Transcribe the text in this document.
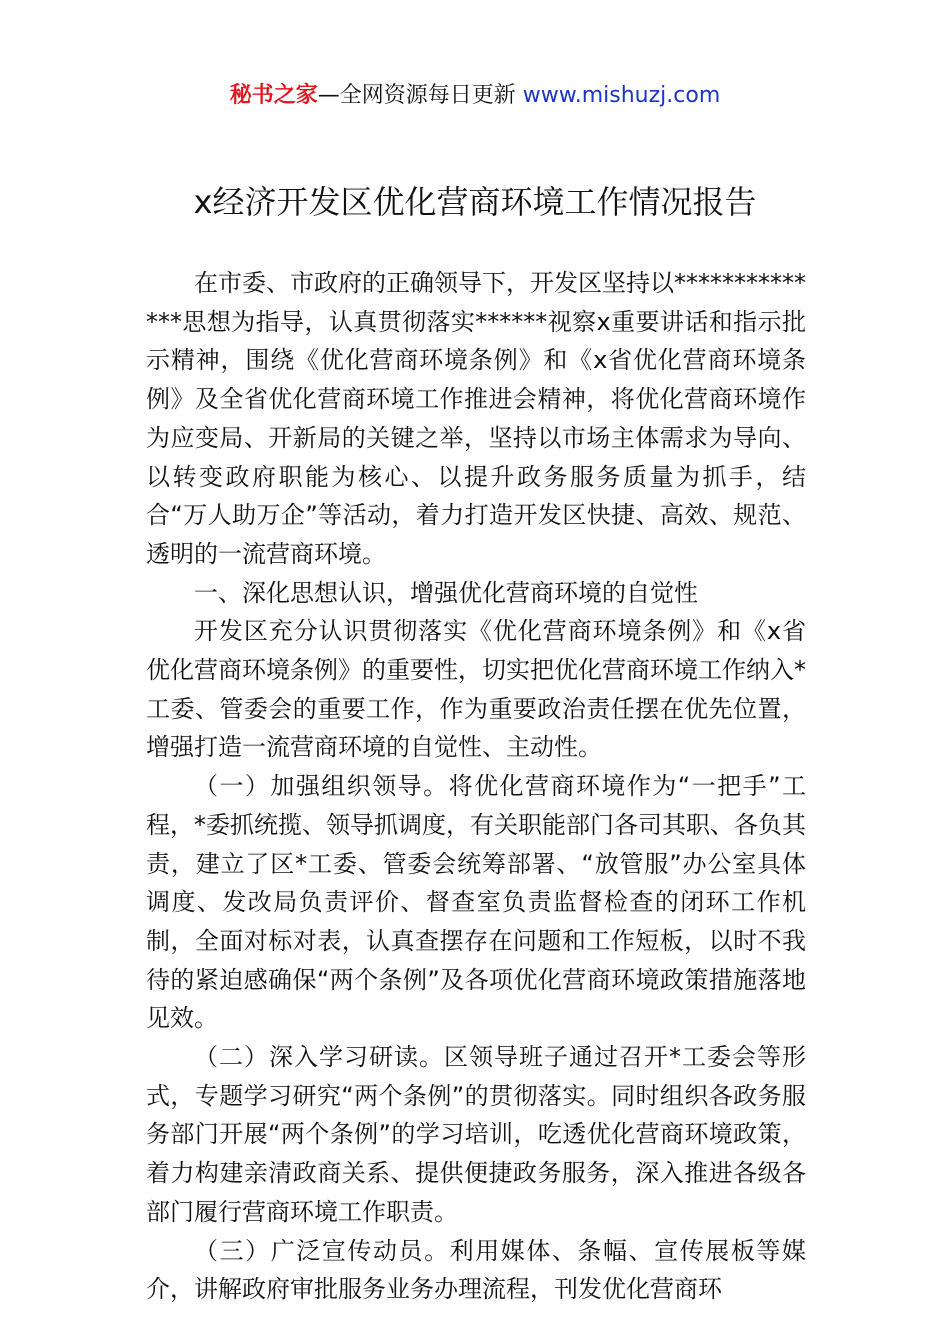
秘书之家—全网资源每日更新 www.mishuzj.com
x经济开发区优化营商环境工作情况报告

在市委、市政府的正确领导下，开发区坚持以**************思想为指导，认真贯彻落实******视察x重要讲话和指示批示精神，围绕《优化营商环境条例》和《x省优化营商环境条例》及全省优化营商环境工作推进会精神，将优化营商环境作为应变局、开新局的关键之举，坚持以市场主体需求为导向、以转变政府职能为核心、以提升政务服务质量为抓手，结合“万人助万企”等活动，着力打造开发区快捷、高效、规范、透明的一流营商环境。

一、深化思想认识，增强优化营商环境的自觉性

开发区充分认识贯彻落实《优化营商环境条例》和《x省优化营商环境条例》的重要性，切实把优化营商环境工作纳入*工委、管委会的重要工作，作为重要政治责任摆在优先位置，增强打造一流营商环境的自觉性、主动性。

（一）加强组织领导。将优化营商环境作为“一把手”工程，*委抓统揽、领导抓调度，有关职能部门各司其职、各负其责，建立了区*工委、管委会统筹部署、“放管服”办公室具体调度、发改局负责评价、督查室负责监督检查的闭环工作机制，全面对标对表，认真查摆存在问题和工作短板，以时不我待的紧迫感确保“两个条例”及各项优化营商环境政策措施落地见效。

（二）深入学习研读。区领导班子通过召开*工委会等形式，专题学习研究“两个条例”的贯彻落实。同时组织各政务服务部门开展“两个条例”的学习培训，吃透优化营商环境政策，着力构建亲清政商关系、提供便捷政务服务，深入推进各级各部门履行营商环境工作职责。

（三）广泛宣传动员。利用媒体、条幅、宣传展板等媒介，讲解政府审批服务业务办理流程，刊发优化营商环
